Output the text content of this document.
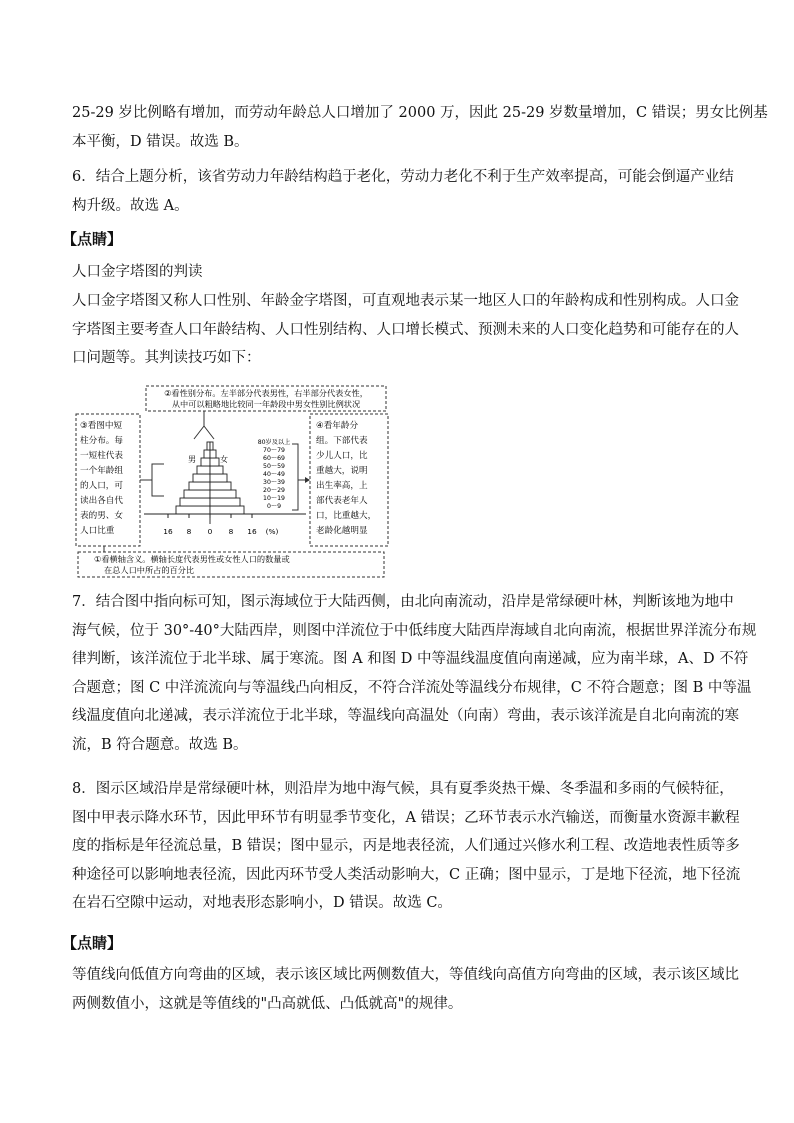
25-29 岁比例略有增加，而劳动年龄总人口增加了 2000 万，因此 25-29 岁数量增加，C 错误；男女比例基
本平衡，D 错误。故选 B。
6．结合上题分析，该省劳动力年龄结构趋于老化，劳动力老化不利于生产效率提高，可能会倒逼产业结
构升级。故选 A。
【点睛】
人口金字塔图的判读
人口金字塔图又称人口性别、年龄金字塔图，可直观地表示某一地区人口的年龄构成和性别构成。人口金
字塔图主要考查人口年龄结构、人口性别结构、人口增长模式、预测未来的人口变化趋势和可能存在的人
口问题等。其判读技巧如下：
②看性别分布。左半部分代表男性，右半部分代表女性，
从中可以粗略地比较同一年龄段中男女性别比例状况
③看图中短
柱分布。每
一短柱代表
一个年龄组
的人口，可
读出各自代
表的男、女
人口比重
④看年龄分
组。下部代表
少儿人口，比
重越大，说明
出生率高，上
部代表老年人
口，比重越大，
老龄化越明显
男	女
80岁及以上
70～79
60～69
50～59
40～49
30～39
20～29
10～19
0～9
16 8 0 8 16 (%)
①看横轴含义。横轴长度代表男性或女性人口的数量或
在总人口中所占的百分比
7．结合图中指向标可知，图示海域位于大陆西侧，由北向南流动，沿岸是常绿硬叶林，判断该地为地中
海气候，位于 30°-40°大陆西岸，则图中洋流位于中低纬度大陆西岸海域自北向南流，根据世界洋流分布规
律判断，该洋流位于北半球、属于寒流。图 A 和图 D 中等温线温度值向南递减，应为南半球，A、D 不符
合题意；图 C 中洋流流向与等温线凸向相反，不符合洋流处等温线分布规律，C 不符合题意；图 B 中等温
线温度值向北递减，表示洋流位于北半球，等温线向高温处（向南）弯曲，表示该洋流是自北向南流的寒
流，B 符合题意。故选 B。
8．图示区域沿岸是常绿硬叶林，则沿岸为地中海气候，具有夏季炎热干燥、冬季温和多雨的气候特征，
图中甲表示降水环节，因此甲环节有明显季节变化，A 错误；乙环节表示水汽输送，而衡量水资源丰歉程
度的指标是年径流总量，B 错误；图中显示，丙是地表径流，人们通过兴修水利工程、改造地表性质等多
种途径可以影响地表径流，因此丙环节受人类活动影响大，C 正确；图中显示，丁是地下径流，地下径流
在岩石空隙中运动，对地表形态影响小，D 错误。故选 C。
【点睛】
等值线向低值方向弯曲的区域，表示该区域比两侧数值大，等值线向高值方向弯曲的区域，表示该区域比
两侧数值小，这就是等值线的"凸高就低、凸低就高"的规律。
